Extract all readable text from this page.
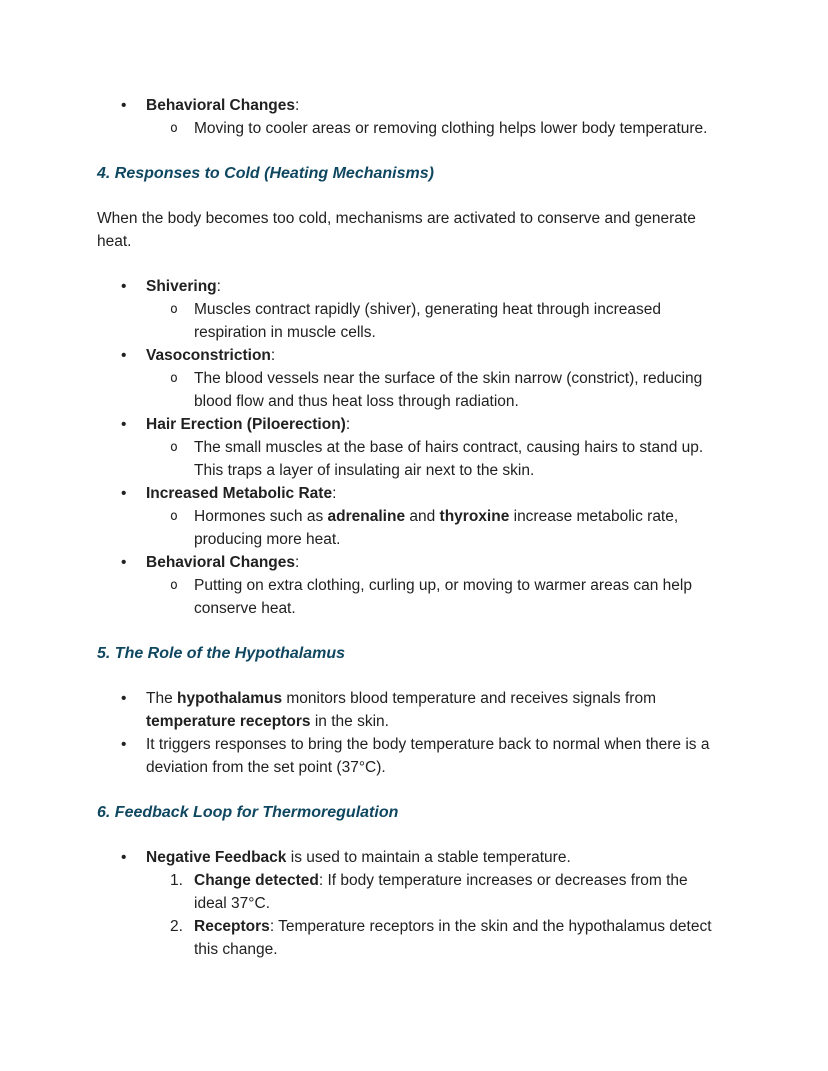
• Behavioral Changes:
o Moving to cooler areas or removing clothing helps lower body temperature.
4. Responses to Cold (Heating Mechanisms)

When the body becomes too cold, mechanisms are activated to conserve and generate heat.

• Shivering:
o Muscles contract rapidly (shiver), generating heat through increased respiration in muscle cells.
• Vasoconstriction:
o The blood vessels near the surface of the skin narrow (constrict), reducing blood flow and thus heat loss through radiation.
• Hair Erection (Piloerection):
o The small muscles at the base of hairs contract, causing hairs to stand up. This traps a layer of insulating air next to the skin.
• Increased Metabolic Rate:
o Hormones such as adrenaline and thyroxine increase metabolic rate, producing more heat.
• Behavioral Changes:
o Putting on extra clothing, curling up, or moving to warmer areas can help conserve heat.
5. The Role of the Hypothalamus
• The hypothalamus monitors blood temperature and receives signals from temperature receptors in the skin.
• It triggers responses to bring the body temperature back to normal when there is a deviation from the set point (37°C).
6. Feedback Loop for Thermoregulation
• Negative Feedback is used to maintain a stable temperature.
1. Change detected: If body temperature increases or decreases from the ideal 37°C.
2. Receptors: Temperature receptors in the skin and the hypothalamus detect this change.
